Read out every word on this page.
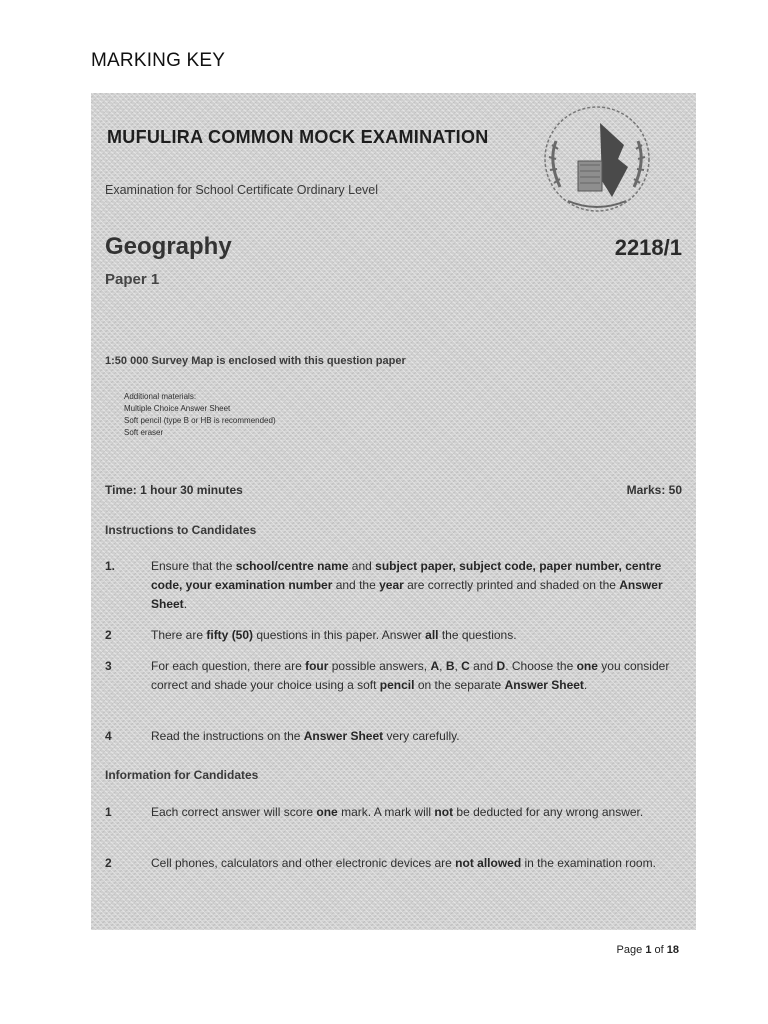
MARKING KEY
MUFULIRA COMMON MOCK EXAMINATION
Examination for School Certificate Ordinary Level
Geography	2218/1
Paper 1
1:50 000 Survey Map is enclosed with this question paper
Additional materials:
Multiple Choice Answer Sheet
Soft pencil (type B or HB is recommended)
Soft eraser
Time: 1 hour 30 minutes	Marks: 50
Instructions to Candidates
1.	Ensure that the school/centre name and subject paper, subject code, paper number, centre code, your examination number and the year are correctly printed and shaded on the Answer Sheet.
2	There are fifty (50) questions in this paper. Answer all the questions.
3	For each question, there are four possible answers, A, B, C and D. Choose the one you consider correct and shade your choice using a soft pencil on the separate Answer Sheet.
4	Read the instructions on the Answer Sheet very carefully.
Information for Candidates
1	Each correct answer will score one mark. A mark will not be deducted for any wrong answer.
2	Cell phones, calculators and other electronic devices are not allowed in the examination room.
Page 1 of 18
